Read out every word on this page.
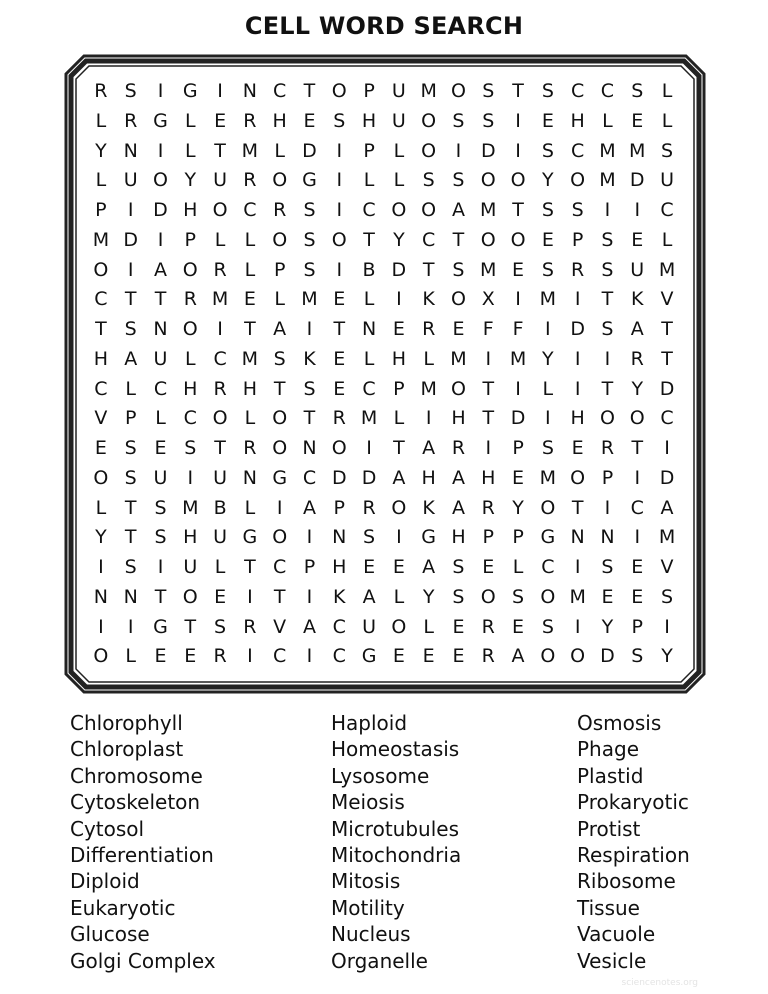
CELL WORD SEARCH
R S	I	G	I	N C T O P U M O S T S C C S L
L R G L E R H E S H U O S S	I	E H L E L
Y N	I	L T M L D	I	P L O	I	D	I	S C M M S
L U O Y U R O G	I	L	L S S O O Y O M D U
P	I	D H O C R S	I	C O O A M T S S	I	I	C
M D	I	P L	L O S O T Y C T O O E P S E L
O	I	A O R L P S	I	B D T S M E S R S U M
C T T R M E L M E L	I	K O X	I M I	T K V
T S N O	I	T A	I	T N E R E F F	I	D S A T
H A U L C M S K E L H L M I M Y	I	I	R T
C L C H R H T S E C P M O T	I	L	I	T Y D
V P L C O L O T R M L	I	H T D	I	H O O C
E S E S T R O N O	I	T A R	I	P S E R T	I
O S U	I	U N G C D D A H A H E M O P	I	D
L T S M B L	I	A P R O K A R Y O T	I	C A
Y T S H U G O	I	N S	I	G H P P G N N	I M
I	S	I	U L T C P H E E A S E L C	I	S E V
N N T O E	I	T	I	K A L Y S O S O M E E S
I	I	G T S R V A C U O L E R E S	I	Y P	I
O L E E R	I	C	I	C G E E E R A O O D S Y
Chlorophyll
Chloroplast
Chromosome
Cytoskeleton
Cytosol
Differentiation
Diploid
Eukaryotic
Glucose
Golgi Complex
Haploid
Homeostasis
Lysosome
Meiosis
Microtubules
Mitochondria
Mitosis
Motility
Nucleus
Organelle
Osmosis
Phage
Plastid
Prokaryotic
Protist
Respiration
Ribosome
Tissue
Vacuole
Vesicle
sciencenotes.org
